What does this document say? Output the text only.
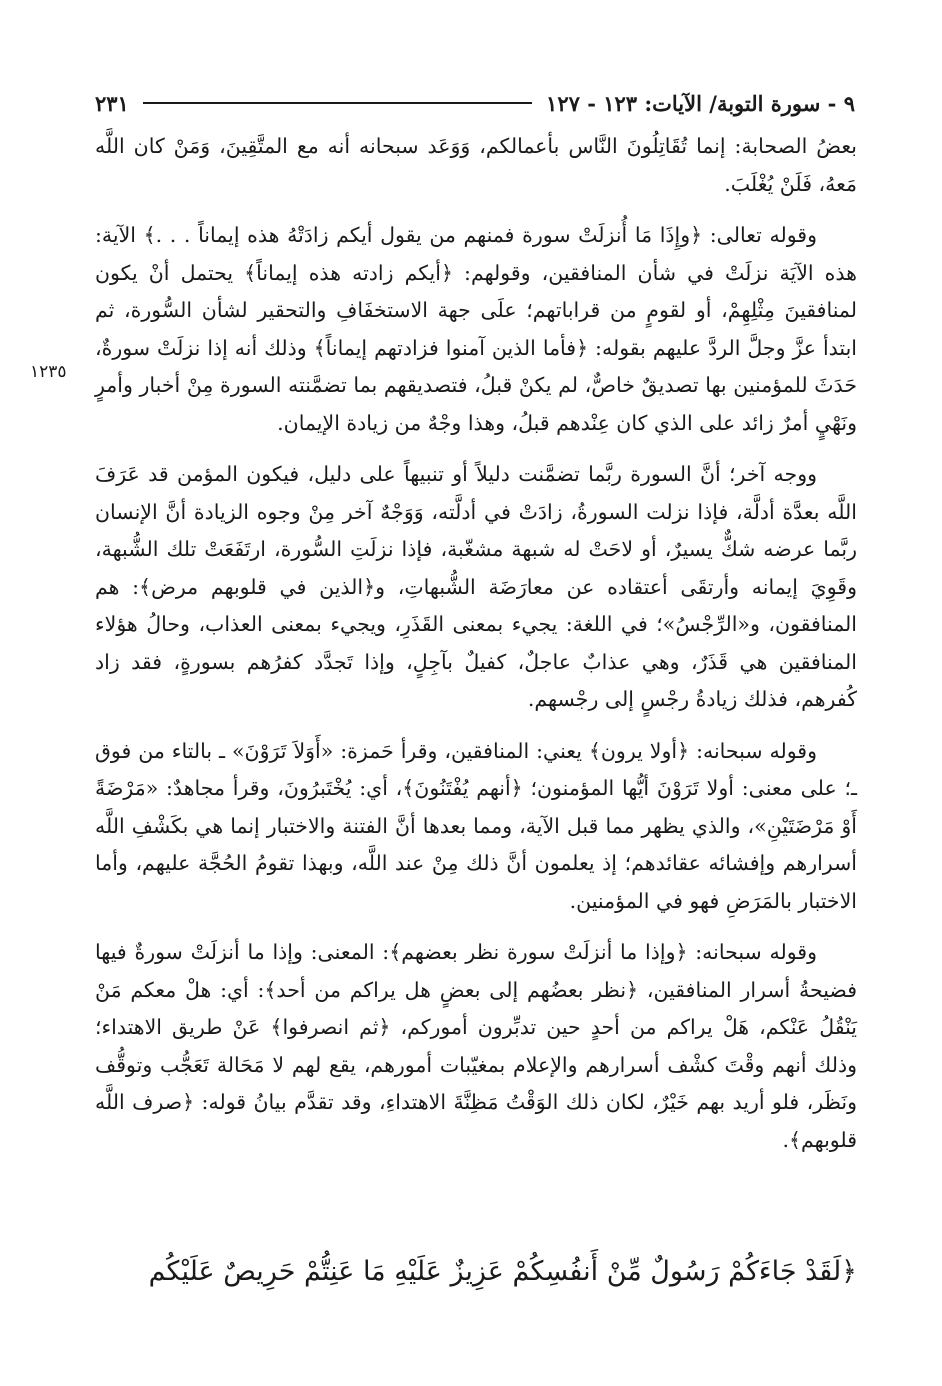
٩ - سورة التوبة/ الآيات: ١٢٣ - ١٢٧
٢٣١
١٢٣٥

بعضُ الصحابة: إنما تُقَاتِلُونَ النَّاس بأعمالكم، وَوَعَد سبحانه أنه مع المتَّقِينَ، وَمَنْ كان اللَّه مَعهُ، فَلَنْ يُغْلَبَ.

وقوله تعالى: ﴿وإِذَا مَا أُنزلَتْ سورة فمنهم من يقول أيكم زادَتْهُ هذه إيماناً . . .﴾ الآية: هذه الآيَة نزلَتْ في شأن المنافقين، وقولهم: ﴿أيكم زادته هذه إيماناً﴾ يحتمل أنْ يكون لمنافقينَ مِثْلِهِمْ، أو لقومٍ من قراباتهم؛ علَى جهة الاستخفَافِ والتحقير لشأن السُّورة، ثم ابتدأ عزَّ وجلَّ الردَّ عليهم بقوله: ﴿فأما الذين آمنوا فزادتهم إيماناً﴾ وذلك أنه إذا نزلَتْ سورةٌ، حَدَثَ للمؤمنين بها تصديقٌ خاصٌّ، لم يكنْ قبلُ، فتصديقهم بما تضمَّنته السورة مِنْ أخبار وأمرٍ ونَهْيٍ أمرٌ زائد على الذي كان عِنْدهم قبلُ، وهذا وجْهٌ من زيادة الإيمان.

ووجه آخر؛ أنَّ السورة ربَّما تضمَّنت دليلاً أو تنبيهاً على دليل، فيكون المؤمن قد عَرَفَ اللَّه بعدَّة أدلَّة، فإذا نزلت السورةُ، زادَتْ في أدلَّته، وَوَجْهٌ آخر مِنْ وجوه الزيادة أنَّ الإنسان ربَّما عرضه شكٌّ يسيرٌ، أو لاحَتْ له شبهة مشغّبة، فإذا نزلَتِ السُّورة، ارتَفَعَتْ تلك الشُّبهة، وقَوِيَ إيمانه وأرتقَى أعتقاده عن معارَضَة الشُّبهاتِ، و﴿الذين في قلوبهم مرض﴾: هم المنافقون، و«الرِّجْسُ»؛ في اللغة: يجيء بمعنى القَذَرِ، ويجيء بمعنى العذاب، وحالُ هؤلاء المنافقين هي قَذَرٌ، وهي عذابٌ عاجلٌ، كفيلٌ بآجِلٍ، وإذا تَجدَّد كفرُهم بسورةٍ، فقد زاد كُفرهم، فذلك زيادةُ رجْسٍ إلى رجْسهم.

وقوله سبحانه: ﴿أولا يرون﴾ يعني: المنافقين، وقرأ حَمزة: «أَوَلاَ تَرَوْنَ» ـ بالتاء من فوق ـ؛ على معنى: أولا تَرَوْنَ أيُّها المؤمنون؛ ﴿أنهم يُفْتَنُونَ﴾، أي: يُخْتَبرُونَ، وقرأ مجاهدٌ: «مَرْضَةً أَوْ مَرْضَتَيْنِ»، والذي يظهر مما قبل الآية، ومما بعدها أنَّ الفتنة والاختبار إنما هي بكَشْفِ اللَّه أسرارهم وإفشائه عقائدهم؛ إذ يعلمون أنَّ ذلك مِنْ عند اللَّه، وبهذا تقومُ الحُجَّة عليهم، وأما الاختبار بالمَرَضِ فهو في المؤمنين.

وقوله سبحانه: ﴿وإذا ما أنزلَتْ سورة نظر بعضهم﴾: المعنى: وإذا ما أنزلَتْ سورةٌ فيها فضيحةُ أسرار المنافقين، ﴿نظر بعضُهم إلى بعضٍ هل يراكم من أحد﴾: أي: هلْ معكم مَنْ يَنْقُلُ عَنْكم، هَلْ يراكم من أحدٍ حين تدبِّرون أموركم، ﴿ثم انصرفوا﴾ عَنْ طريق الاهتداء؛ وذلك أنهم وقْتَ كشْف أسرارهم والإعلام بمغيّبات أمورهم، يقع لهم لا مَحَالة تَعَجُّب وتوقُّف ونَظَر، فلو أريد بهم خَيْرٌ، لكان ذلك الوَقْتُ مَظِنَّةَ الاهتداءِ، وقد تقدَّم بيانُ قوله: ﴿صرف اللَّه قلوبهم﴾.

﴿لَقَدْ جَاءَكُمْ رَسُولٌ مِّنْ أَنفُسِكُمْ عَزِيزٌ عَلَيْهِ مَا عَنِتُّمْ حَرِيصٌ عَلَيْكُم
